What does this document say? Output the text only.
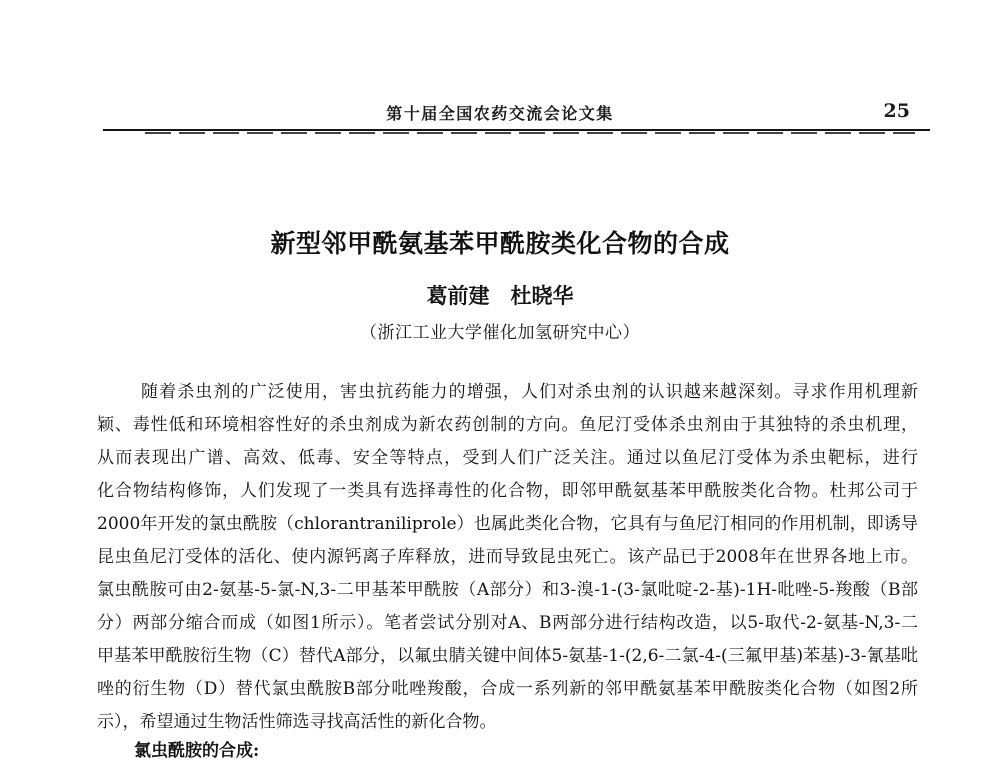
第十届全国农药交流会论文集	25
新型邻甲酰氨基苯甲酰胺类化合物的合成
葛前建　杜晓华
（浙江工业大学催化加氢研究中心）
随着杀虫剂的广泛使用，害虫抗药能力的增强，人们对杀虫剂的认识越来越深刻。寻求作用机理新
颖、毒性低和环境相容性好的杀虫剂成为新农药创制的方向。鱼尼汀受体杀虫剂由于其独特的杀虫机理，
从而表现出广谱、高效、低毒、安全等特点，受到人们广泛关注。通过以鱼尼汀受体为杀虫靶标，进行
化合物结构修饰，人们发现了一类具有选择毒性的化合物，即邻甲酰氨基苯甲酰胺类化合物。杜邦公司于
2000年开发的氯虫酰胺（chlorantraniliprole）也属此类化合物，它具有与鱼尼汀相同的作用机制，即诱导
昆虫鱼尼汀受体的活化、使内源钙离子库释放，进而导致昆虫死亡。该产品已于2008年在世界各地上市。
氯虫酰胺可由2-氨基-5-氯-N,3-二甲基苯甲酰胺（A部分）和3-溴-1-(3-氯吡啶-2-基)-1H-吡唑-5-羧酸（B部
分）两部分缩合而成（如图1所示）。笔者尝试分别对A、B两部分进行结构改造，以5-取代-2-氨基-N,3-二
甲基苯甲酰胺衍生物（C）替代A部分，以氟虫腈关键中间体5-氨基-1-(2,6-二氯-4-(三氟甲基)苯基)-3-氰基吡
唑的衍生物（D）替代氯虫酰胺B部分吡唑羧酸，合成一系列新的邻甲酰氨基苯甲酰胺类化合物（如图2所
示），希望通过生物活性筛选寻找高活性的新化合物。
氯虫酰胺的合成:
